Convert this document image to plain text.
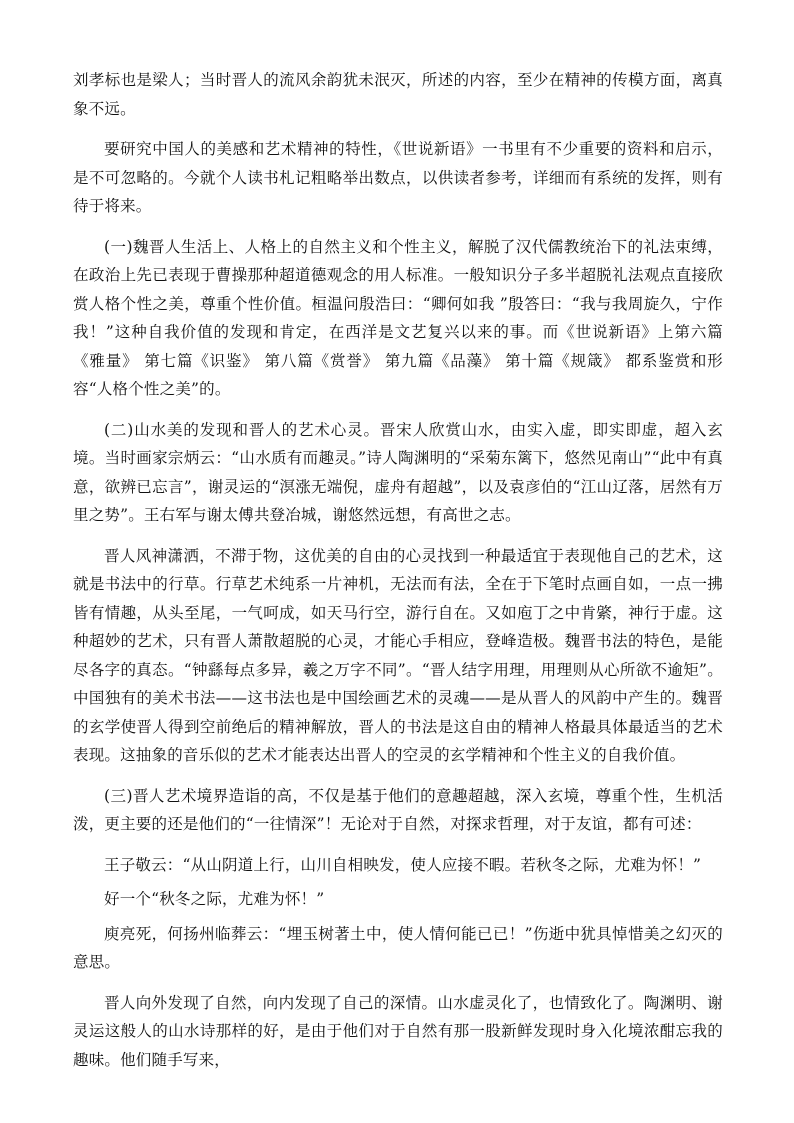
刘孝标也是梁人；当时晋人的流风余韵犹未泯灭，所述的内容，至少在精神的传模方面，离真象不远。

要研究中国人的美感和艺术精神的特性，《世说新语》一书里有不少重要的资料和启示，是不可忽略的。今就个人读书札记粗略举出数点，以供读者参考，详细而有系统的发挥，则有待于将来。

(一)魏晋人生活上、人格上的自然主义和个性主义，解脱了汉代儒教统治下的礼法束缚，在政治上先已表现于曹操那种超道德观念的用人标准。一般知识分子多半超脱礼法观点直接欣赏人格个性之美，尊重个性价值。桓温问殷浩曰：“卿何如我 ”殷答曰：“我与我周旋久，宁作我！”这种自我价值的发现和肯定，在西洋是文艺复兴以来的事。而《世说新语》上第六篇《雅量》 第七篇《识鉴》 第八篇《赏誉》 第九篇《品藻》 第十篇《规箴》 都系鉴赏和形容“人格个性之美”的。

(二)山水美的发现和晋人的艺术心灵。晋宋人欣赏山水，由实入虚，即实即虚，超入玄境。当时画家宗炳云：“山水质有而趣灵。”诗人陶渊明的“采菊东篱下，悠然见南山”“此中有真意，欲辨已忘言”，谢灵运的“溟涨无端倪，虚舟有超越”，以及袁彦伯的“江山辽落，居然有万里之势”。王右军与谢太傅共登冶城，谢悠然远想，有高世之志。

晋人风神潇洒，不滞于物，这优美的自由的心灵找到一种最适宜于表现他自己的艺术，这就是书法中的行草。行草艺术纯系一片神机，无法而有法，全在于下笔时点画自如，一点一拂皆有情趣，从头至尾，一气呵成，如天马行空，游行自在。又如庖丁之中肯綮，神行于虚。这种超妙的艺术，只有晋人萧散超脱的心灵，才能心手相应，登峰造极。魏晋书法的特色，是能尽各字的真态。“钟繇每点多异，羲之万字不同”。“晋人结字用理，用理则从心所欲不逾矩”。中国独有的美术书法——这书法也是中国绘画艺术的灵魂——是从晋人的风韵中产生的。魏晋的玄学使晋人得到空前绝后的精神解放，晋人的书法是这自由的精神人格最具体最适当的艺术表现。这抽象的音乐似的艺术才能表达出晋人的空灵的玄学精神和个性主义的自我价值。

(三)晋人艺术境界造诣的高，不仅是基于他们的意趣超越，深入玄境，尊重个性，生机活泼，更主要的还是他们的“一往情深”！无论对于自然，对探求哲理，对于友谊，都有可述：

王子敬云：“从山阴道上行，山川自相映发，使人应接不暇。若秋冬之际，尤难为怀！”

好一个“秋冬之际，尤难为怀！”

庾亮死，何扬州临葬云：“埋玉树著土中，使人情何能已已！”伤逝中犹具悼惜美之幻灭的意思。

晋人向外发现了自然，向内发现了自己的深情。山水虚灵化了，也情致化了。陶渊明、谢灵运这般人的山水诗那样的好，是由于他们对于自然有那一股新鲜发现时身入化境浓酣忘我的趣味。他们随手写来，
